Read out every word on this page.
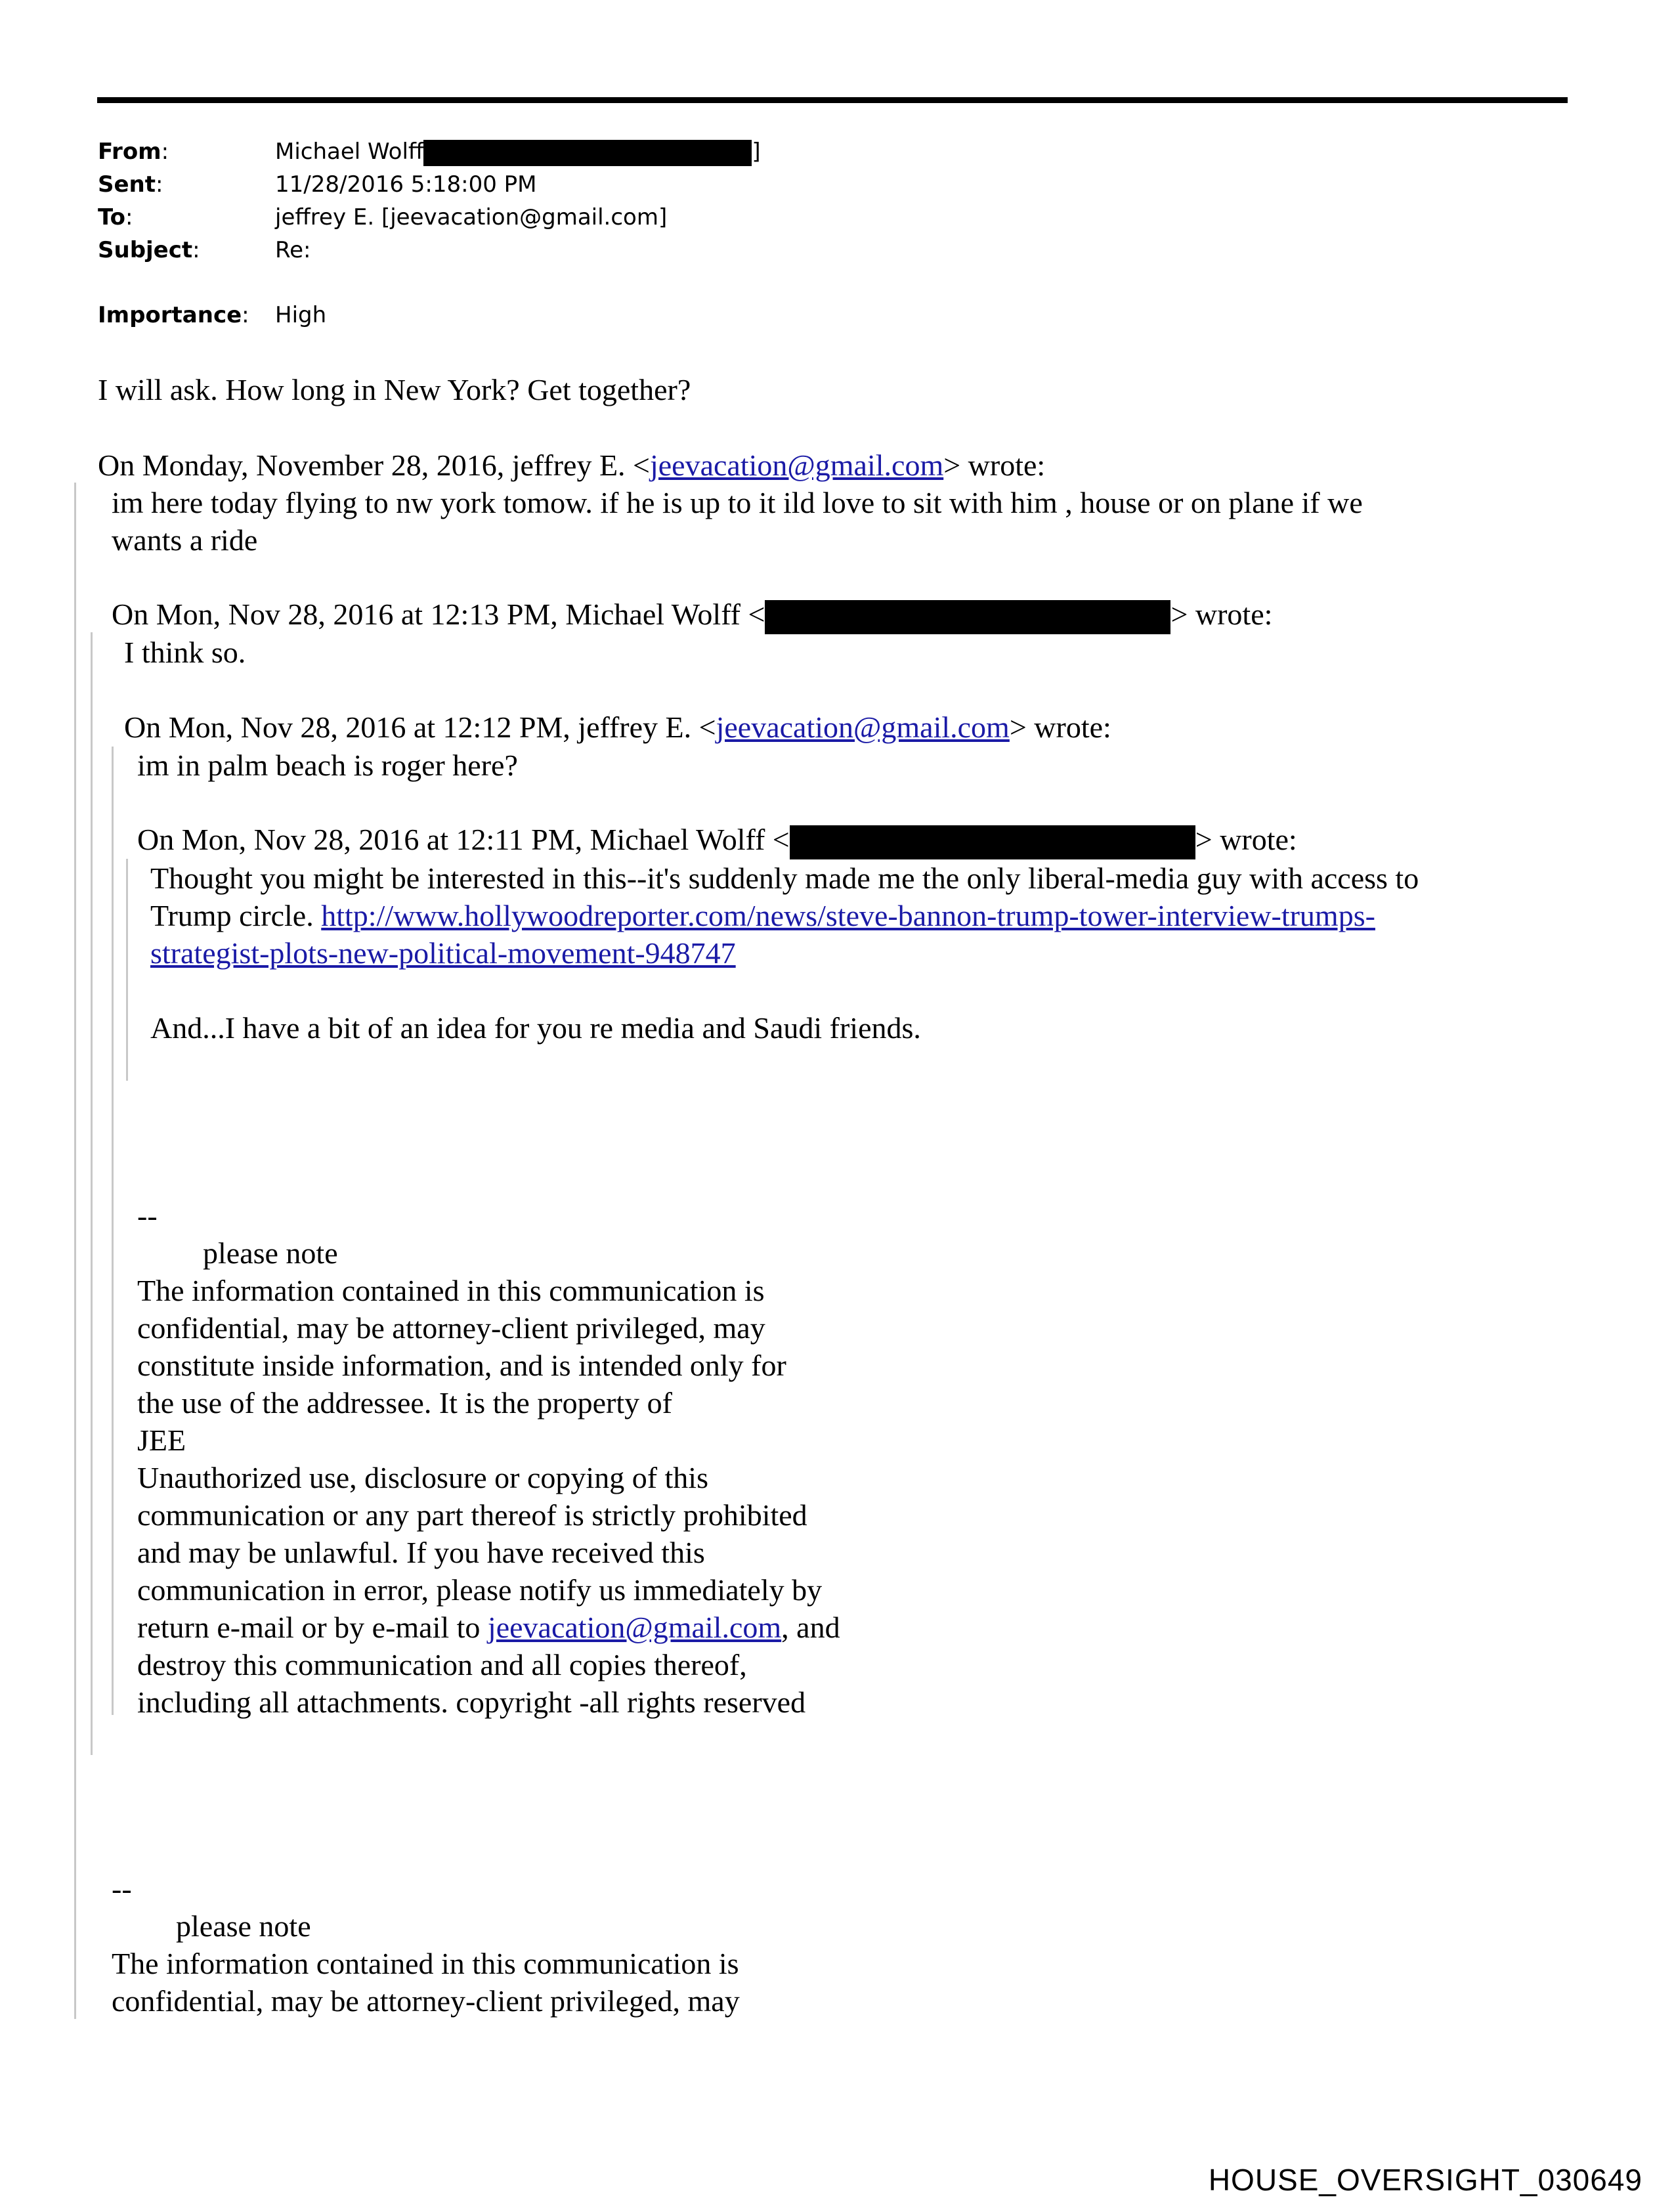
From:	Michael Wolff	]
Sent:	11/28/2016 5:18:00 PM
To:	jeffrey E. [jeevacation@gmail.com]
Subject:	Re:
Importance: High
I will ask. How long in New York? Get together?
On Monday, November 28, 2016, jeffrey E. <jeevacation@gmail.com> wrote:
im here today flying to nw york tomow. if he is up to it ild love to sit with him , house or on plane if we
wants a ride
On Mon, Nov 28, 2016 at 12:13 PM, Michael Wolff <	> wrote:
I think so.
On Mon, Nov 28, 2016 at 12:12 PM, jeffrey E. <jeevacation@gmail.com> wrote:
im in palm beach is roger here?
On Mon, Nov 28, 2016 at 12:11 PM, Michael Wolff <	> wrote:
Thought you might be interested in this--it's suddenly made me the only liberal-media guy with access to
Trump circle. http://www.hollywoodreporter.com/news/steve-bannon-trump-tower-interview-trumps-
strategist-plots-new-political-movement-948747
And...I have a bit of an idea for you re media and Saudi friends.
--
please note
The information contained in this communication is
confidential, may be attorney-client privileged, may
constitute inside information, and is intended only for
the use of the addressee. It is the property of
JEE
Unauthorized use, disclosure or copying of this
communication or any part thereof is strictly prohibited
and may be unlawful. If you have received this
communication in error, please notify us immediately by
return e-mail or by e-mail to jeevacation@gmail.com, and
destroy this communication and all copies thereof,
including all attachments. copyright -all rights reserved
--
please note
The information contained in this communication is
confidential, may be attorney-client privileged, may
HOUSE_OVERSIGHT_030649
